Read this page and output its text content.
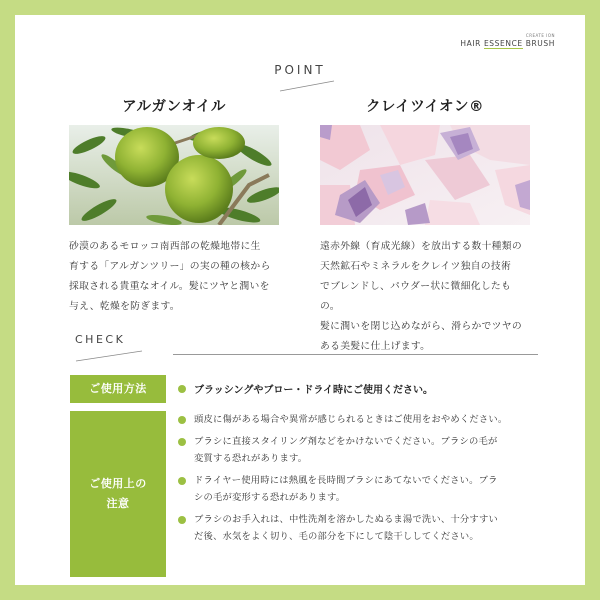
CREATE ION
HAIR ESSENCE BRUSH
POINT
アルガンオイル
砂漠のあるモロッコ南西部の乾燥地帯に生
育する「アルガンツリー」の実の種の核から
採取される貴重なオイル。髪にツヤと潤いを
与え、乾燥を防ぎます。
クレイツイオン®
遠赤外線（育成光線）を放出する数十種類の
天然鉱石やミネラルをクレイツ独自の技術
でブレンドし、パウダー状に微細化したもの。
髪に潤いを閉じ込めながら、滑らかでツヤの
ある美髪に仕上げます。
CHECK
ご使用方法	ブラッシングやブロー・ドライ時にご使用ください。
ご使用上の
注意
頭皮に傷がある場合や異常が感じられるときはご使用をおやめください。
ブラシに直接スタイリング剤などをかけないでください。ブラシの毛が
変質する恐れがあります。
ドライヤー使用時には熱風を長時間ブラシにあてないでください。ブラ
シの毛が変形する恐れがあります。
ブラシのお手入れは、中性洗剤を溶かしたぬるま湯で洗い、十分すすい
だ後、水気をよく切り、毛の部分を下にして陰干ししてください。
